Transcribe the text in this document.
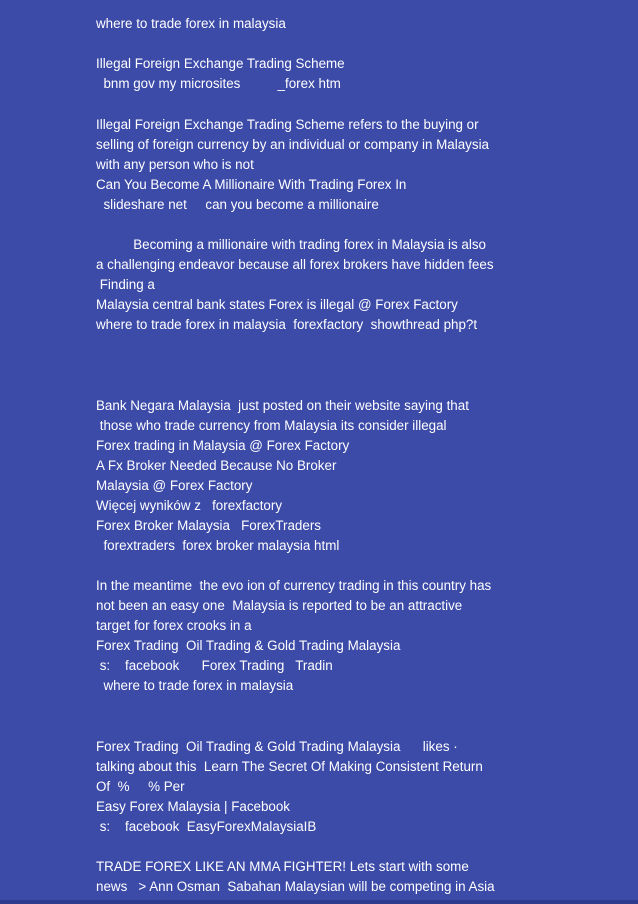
where to trade forex in malaysia
Illegal Foreign Exchange Trading Scheme
bnm gov my microsites          _forex htm
Illegal Foreign Exchange Trading Scheme refers to the buying or
selling of foreign currency by an individual or company in Malaysia
with any person who is not
Can You Become A Millionaire With Trading Forex In
slideshare net     can you become a millionaire
Becoming a millionaire with trading forex in Malaysia is also
a challenging endeavor because all forex brokers have hidden fees
Finding a
Malaysia central bank states Forex is illegal @ Forex Factory
where to trade forex in malaysia  forexfactory  showthread php?t
Bank Negara Malaysia  just posted on their website saying that
those who trade currency from Malaysia its consider illegal
Forex trading in Malaysia @ Forex Factory
A Fx Broker Needed Because No Broker
Malaysia @ Forex Factory
Więcej wyników z   forexfactory
Forex Broker Malaysia   ForexTraders
forextraders  forex broker malaysia html
In the meantime  the evo ion of currency trading in this country has
not been an easy one  Malaysia is reported to be an attractive
target for forex crooks in a
Forex Trading  Oil Trading & Gold Trading Malaysia
s:    facebook      Forex Trading   Tradin
where to trade forex in malaysia
Forex Trading  Oil Trading & Gold Trading Malaysia      likes ·
talking about this  Learn The Secret Of Making Consistent Return
Of  %     % Per
Easy Forex Malaysia | Facebook
s:    facebook  EasyForexMalaysiaIB
TRADE FOREX LIKE AN MMA FIGHTER! Lets start with some
news   > Ann Osman  Sabahan Malaysian will be competing in Asia
